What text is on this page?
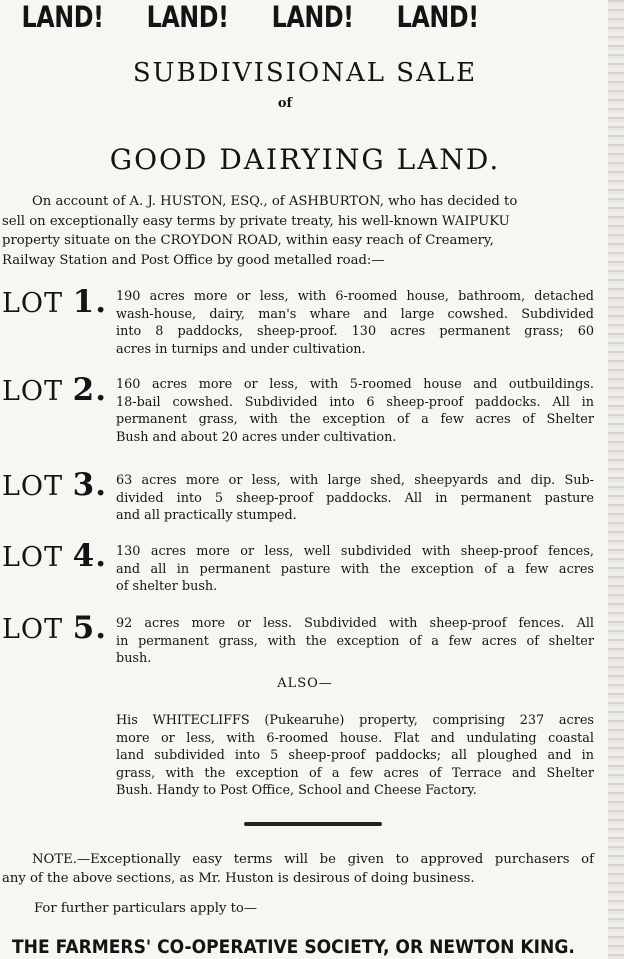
LAND! LAND! LAND! LAND!
SUBDIVISIONAL SALE
of
GOOD DAIRYING LAND.
On account of A. J. HUSTON, ESQ., of ASHBURTON, who has decided to
sell on exceptionally easy terms by private treaty, his well-known WAIPUKU
property situate on the CROYDON ROAD, within easy reach of Creamery,
Railway Station and Post Office by good metalled road:—
LOT 1. 190 acres more or less, with 6-roomed house, bathroom, detached
wash-house, dairy, man's whare and large cowshed. Subdivided
into 8 paddocks, sheep-proof. 130 acres permanent grass; 60
acres in turnips and under cultivation.
LOT 2. 160 acres more or less, with 5-roomed house and outbuildings.
18-bail cowshed. Subdivided into 6 sheep-proof paddocks. All in
permanent grass, with the exception of a few acres of Shelter
Bush and about 20 acres under cultivation.
LOT 3. 63 acres more or less, with large shed, sheepyards and dip. Sub-
divided into 5 sheep-proof paddocks. All in permanent pasture
and all practically stumped.
LOT 4. 130 acres more or less, well subdivided with sheep-proof fences,
and all in permanent pasture with the exception of a few acres
of shelter bush.
LOT 5. 92 acres more or less. Subdivided with sheep-proof fences. All
in permanent grass, with the exception of a few acres of shelter
bush.
ALSO—
His WHITECLIFFS (Pukearuhe) property, comprising 237 acres
more or less, with 6-roomed house. Flat and undulating coastal
land subdivided into 5 sheep-proof paddocks; all ploughed and in
grass, with the exception of a few acres of Terrace and Shelter
Bush. Handy to Post Office, School and Cheese Factory.
NOTE.—Exceptionally easy terms will be given to approved purchasers of
any of the above sections, as Mr. Huston is desirous of doing business.
For further particulars apply to—
THE FARMERS' CO-OPERATIVE SOCIETY, OR NEWTON KING.
